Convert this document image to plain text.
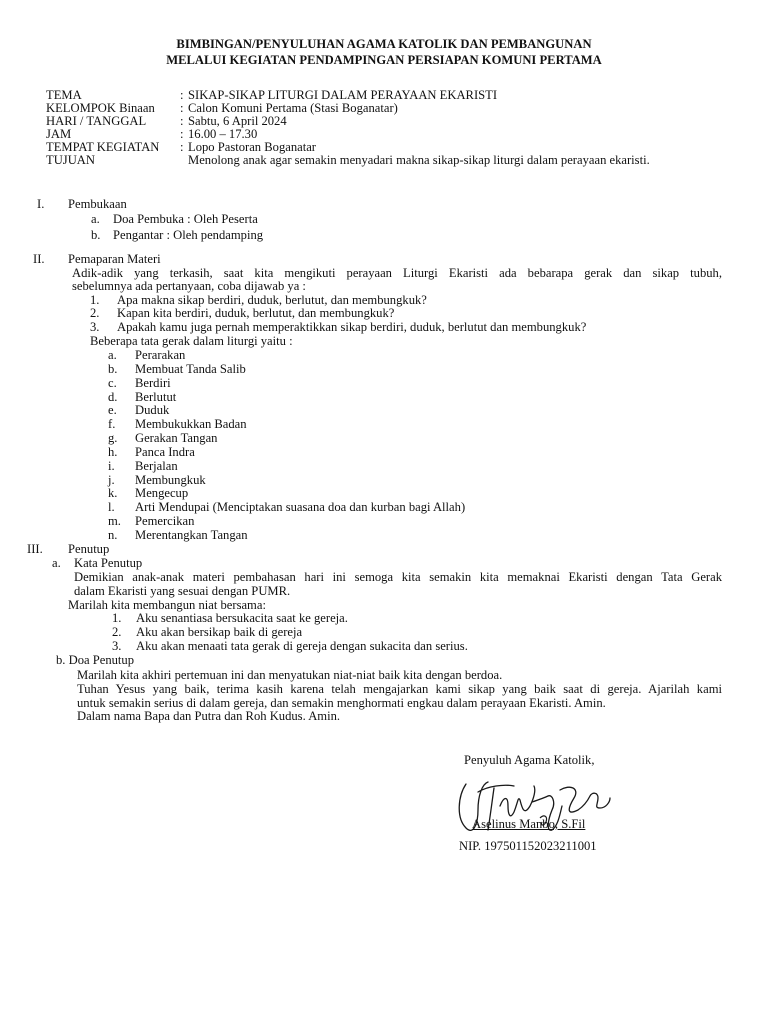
BIMBINGAN/PENYULUHAN AGAMA KATOLIK DAN PEMBANGUNAN
MELALUI KEGIATAN PENDAMPINGAN PERSIAPAN KOMUNI PERTAMA
TEMA	: SIKAP-SIKAP LITURGI DALAM PERAYAAN EKARISTI
KELOMPOK Binaan : Calon Komuni Pertama (Stasi Boganatar)
HARI / TANGGAL	: Sabtu, 6 April 2024
JAM	: 16.00 – 17.30
TEMPAT KEGIATAN : Lopo Pastoran Boganatar
TUJUAN	Menolong anak agar semakin menyadari makna sikap-sikap liturgi dalam perayaan ekaristi.
I. Pembukaan
a. Doa Pembuka : Oleh Peserta
b. Pengantar : Oleh pendamping
II. Pemaparan Materi
Adik-adik yang terkasih, saat kita mengikuti perayaan Liturgi Ekaristi ada bebarapa gerak dan sikap tubuh,
sebelumnya ada pertanyaan, coba dijawab ya :
1. Apa makna sikap berdiri, duduk, berlutut, dan membungkuk?
2. Kapan kita berdiri, duduk, berlutut, dan membungkuk?
3. Apakah kamu juga pernah memperaktikkan sikap berdiri, duduk, berlutut dan membungkuk?
Beberapa tata gerak dalam liturgi yaitu :
a. Perarakan
b. Membuat Tanda Salib
c. Berdiri
d. Berlutut
e. Duduk
f. Membukukkan Badan
g. Gerakan Tangan
h. Panca Indra
i. Berjalan
j. Membungkuk
k. Mengecup
l. Arti Mendupai (Menciptakan suasana doa dan kurban bagi Allah)
m. Pemercikan
n. Merentangkan Tangan
III. Penutup
a. Kata Penutup
Demikian anak-anak materi pembahasan hari ini semoga kita semakin kita memaknai Ekaristi dengan Tata Gerak
dalam Ekaristi yang sesuai dengan PUMR.
Marilah kita membangun niat bersama:
1. Aku senantiasa bersukacita saat ke gereja.
2. Aku akan bersikap baik di gereja
3. Aku akan menaati tata gerak di gereja dengan sukacita dan serius.
b. Doa Penutup
Marilah kita akhiri pertemuan ini dan menyatukan niat-niat baik kita dengan berdoa.
Tuhan Yesus yang baik, terima kasih karena telah mengajarkan kami sikap yang baik saat di gereja. Ajarilah kami
untuk semakin serius di dalam gereja, dan semakin menghormati engkau dalam perayaan Ekaristi. Amin.
Dalam nama Bapa dan Putra dan Roh Kudus. Amin.
Penyuluh Agama Katolik,
Aselinus Manbo, S.Fil
NIP. 197501152023211001
